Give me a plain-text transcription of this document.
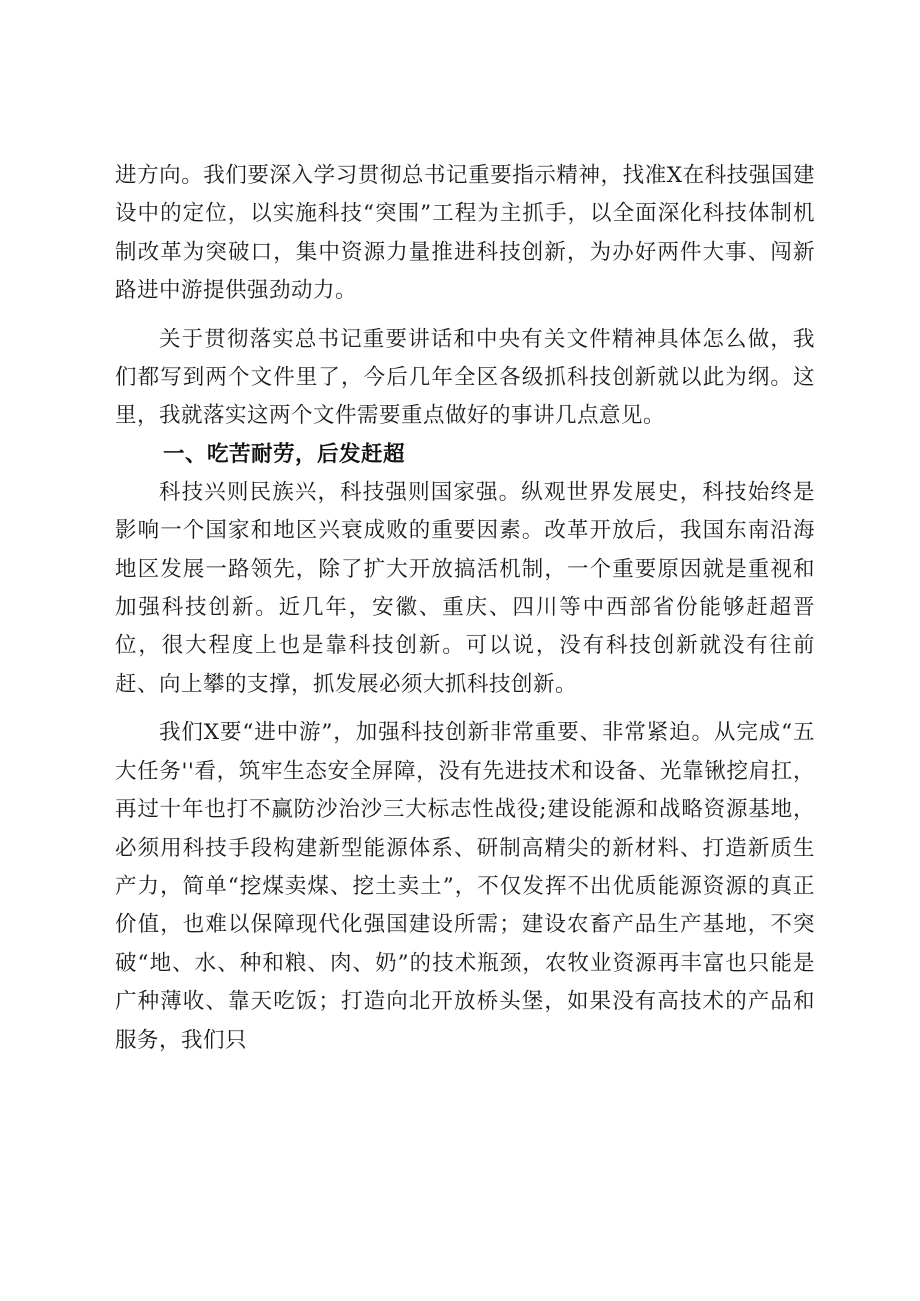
进方向。我们要深入学习贯彻总书记重要指示精神，找准X在科技强国建设中的定位，以实施科技“突围”工程为主抓手，以全面深化科技体制机制改革为突破口，集中资源力量推进科技创新，为办好两件大事、闯新路进中游提供强劲动力。

关于贯彻落实总书记重要讲话和中央有关文件精神具体怎么做，我们都写到两个文件里了，今后几年全区各级抓科技创新就以此为纲。这里，我就落实这两个文件需要重点做好的事讲几点意见。

一、吃苦耐劳，后发赶超

科技兴则民族兴，科技强则国家强。纵观世界发展史，科技始终是影响一个国家和地区兴衰成败的重要因素。改革开放后，我国东南沿海地区发展一路领先，除了扩大开放搞活机制，一个重要原因就是重视和加强科技创新。近几年，安徽、重庆、四川等中西部省份能够赶超晋位，很大程度上也是靠科技创新。可以说，没有科技创新就没有往前赶、向上攀的支撑，抓发展必须大抓科技创新。

我们X要“进中游”，加强科技创新非常重要、非常紧迫。从完成“五大任务''看，筑牢生态安全屏障，没有先进技术和设备、光靠锹挖肩扛，再过十年也打不赢防沙治沙三大标志性战役;建设能源和战略资源基地，必须用科技手段构建新型能源体系、研制高精尖的新材料、打造新质生产力，简单“挖煤卖煤、挖土卖土”，不仅发挥不出优质能源资源的真正价值，也难以保障现代化强国建设所需；建设农畜产品生产基地，不突破“地、水、种和粮、肉、奶”的技术瓶颈，农牧业资源再丰富也只能是广种薄收、靠天吃饭；打造向北开放桥头堡，如果没有高技术的产品和服务，我们只
